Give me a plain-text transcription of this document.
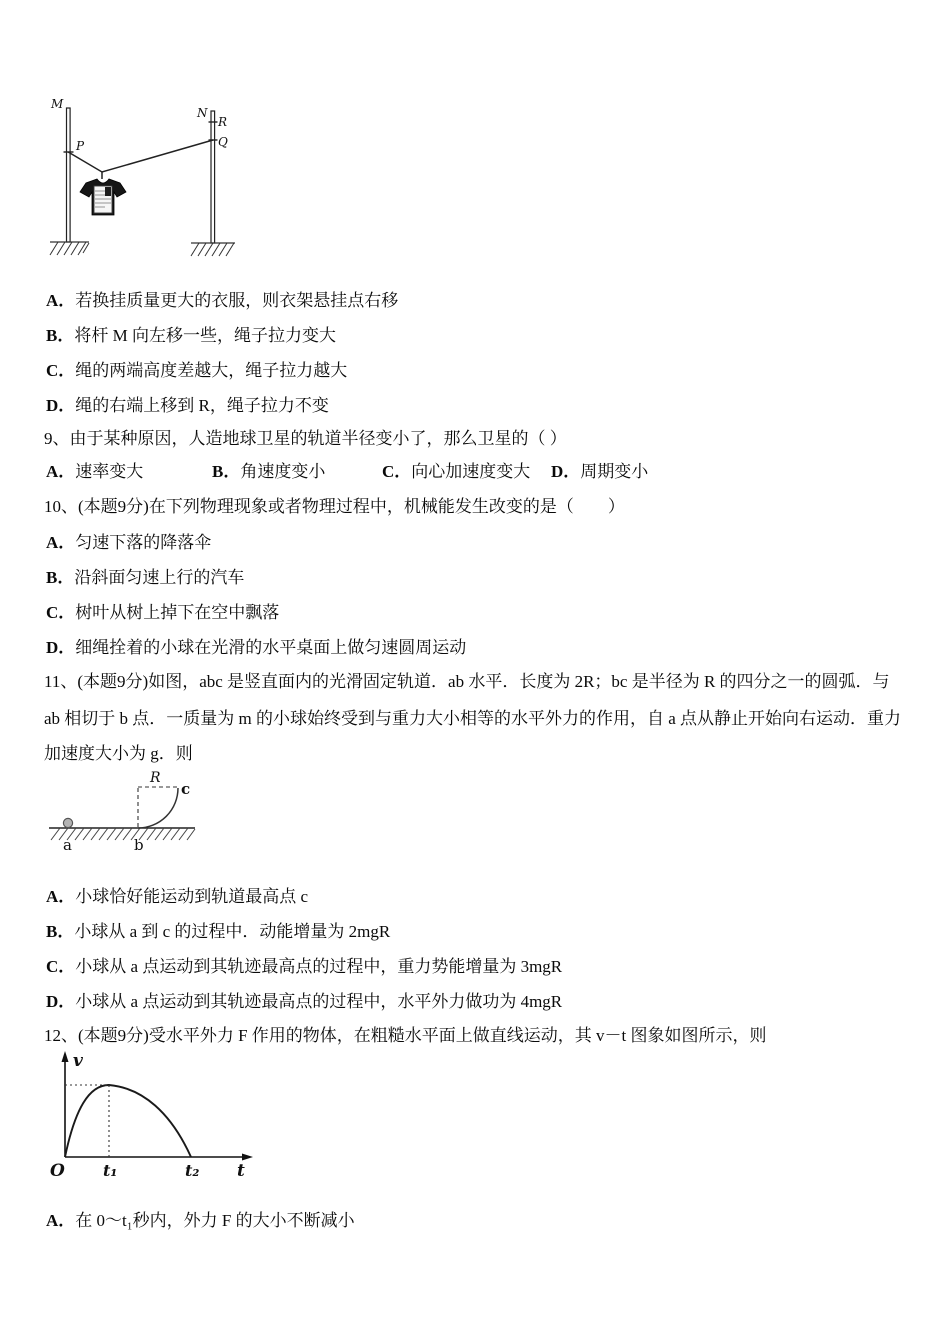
M
P
N
R
Q
A．若换挂质量更大的衣服，则衣架悬挂点右移
B．将杆 M 向左移一些，绳子拉力变大
C．绳的两端高度差越大，绳子拉力越大
D．绳的右端上移到 R，绳子拉力不变
9、由于某种原因，人造地球卫星的轨道半径变小了，那么卫星的（ ）
A．速率变大	B．角速度变小	C．向心加速度变大 D．周期变小
10、(本题9分)在下列物理现象或者物理过程中，机械能发生改变的是（　　）
A．匀速下落的降落伞
B．沿斜面匀速上行的汽车
C．树叶从树上掉下在空中飘落
D．细绳拴着的小球在光滑的水平桌面上做匀速圆周运动
11、(本题9分)如图，abc 是竖直面内的光滑固定轨道．ab 水平．长度为 2R；bc 是半径为 R 的四分之一的圆弧．与
ab 相切于 b 点．一质量为 m 的小球始终受到与重力大小相等的水平外力的作用，自 a 点从静止开始向右运动．重力
加速度大小为 g．则
R
c
a	b
A．小球恰好能运动到轨道最高点 c
B．小球从 a 到 c 的过程中．动能增量为 2mgR
C．小球从 a 点运动到其轨迹最高点的过程中，重力势能增量为 3mgR
D．小球从 a 点运动到其轨迹最高点的过程中，水平外力做功为 4mgR
12、(本题9分)受水平外力 F 作用的物体，在粗糙水平面上做直线运动，其 v－t 图象如图所示，则
v
t
O t₁	t₂
A．在 0～t₁秒内，外力 F 的大小不断减小
